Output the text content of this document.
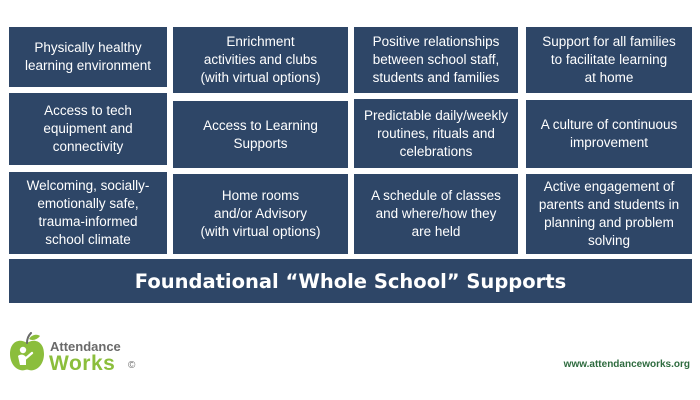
Physically healthy
learning environment
Access to tech
equipment and
connectivity
Welcoming, socially-
emotionally safe,
trauma-informed
school climate
Enrichment
activities and clubs
(with virtual options)
Access to Learning
Supports
Home rooms
and/or Advisory
(with virtual options)
Positive relationships
between school staff,
students and families
Predictable daily/weekly
routines, rituals and
celebrations
A schedule of classes
and where/how they
are held
Support for all families
to facilitate learning
at home
A culture of continuous
improvement
Active engagement of
parents and students in
planning and problem
solving
Foundational “Whole School” Supports
Attendance
Works ©	www.attendanceworks.org
